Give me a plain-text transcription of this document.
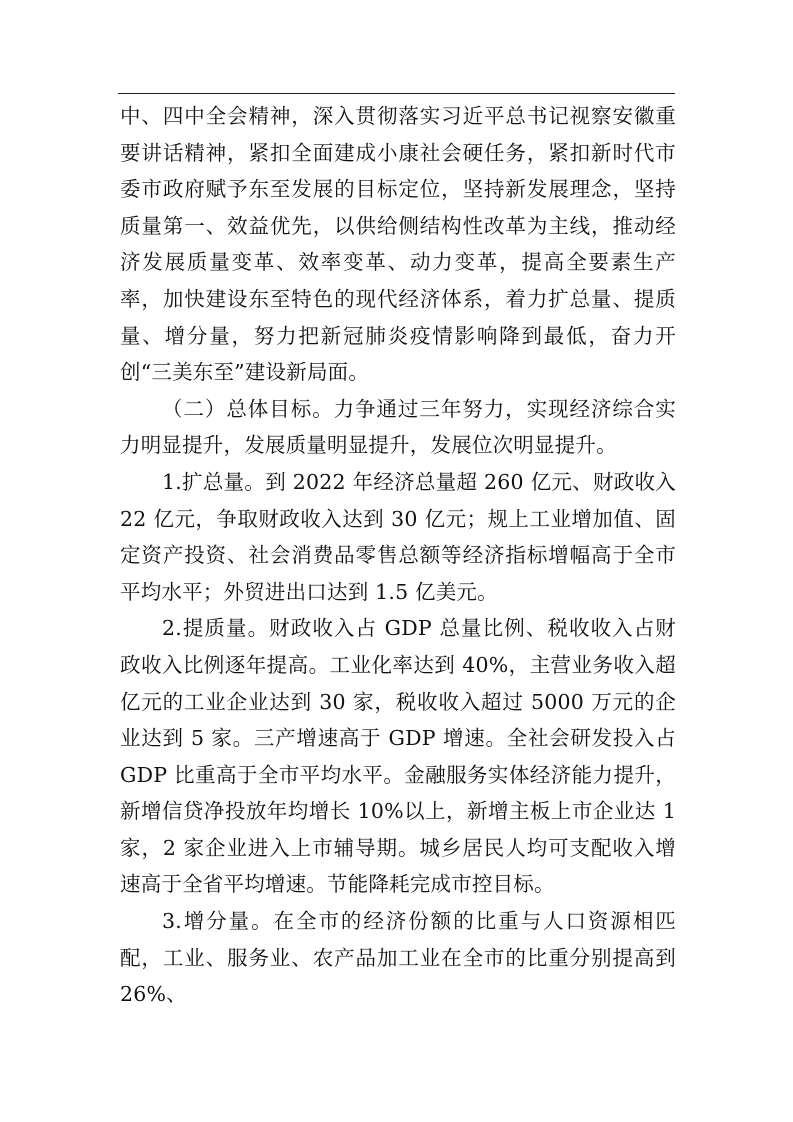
中、四中全会精神，深入贯彻落实习近平总书记视察安徽重要讲话精神，紧扣全面建成小康社会硬任务，紧扣新时代市委市政府赋予东至发展的目标定位，坚持新发展理念，坚持质量第一、效益优先，以供给侧结构性改革为主线，推动经济发展质量变革、效率变革、动力变革，提高全要素生产率，加快建设东至特色的现代经济体系，着力扩总量、提质量、增分量，努力把新冠肺炎疫情影响降到最低，奋力开创“三美东至”建设新局面。

（二）总体目标。力争通过三年努力，实现经济综合实力明显提升，发展质量明显提升，发展位次明显提升。

1.扩总量。到 2022 年经济总量超 260 亿元、财政收入 22 亿元，争取财政收入达到 30 亿元；规上工业增加值、固定资产投资、社会消费品零售总额等经济指标增幅高于全市平均水平；外贸进出口达到 1.5 亿美元。

2.提质量。财政收入占 GDP 总量比例、税收收入占财政收入比例逐年提高。工业化率达到 40%，主营业务收入超亿元的工业企业达到 30 家，税收收入超过 5000 万元的企业达到 5 家。三产增速高于 GDP 增速。全社会研发投入占 GDP 比重高于全市平均水平。金融服务实体经济能力提升，新增信贷净投放年均增长 10%以上，新增主板上市企业达 1 家，2 家企业进入上市辅导期。城乡居民人均可支配收入增速高于全省平均增速。节能降耗完成市控目标。

3.增分量。在全市的经济份额的比重与人口资源相匹配，工业、服务业、农产品加工业在全市的比重分别提高到 26%、
